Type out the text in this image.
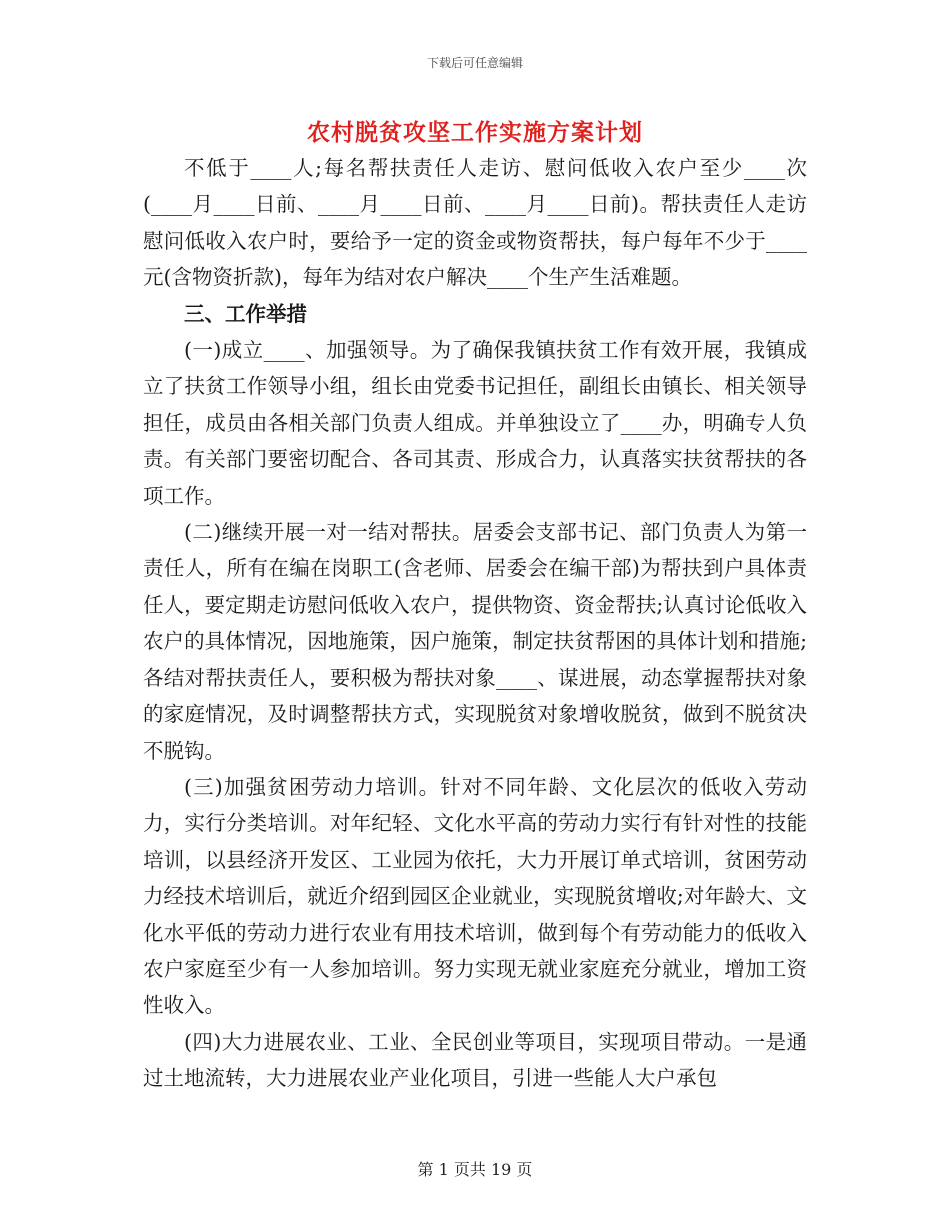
下载后可任意编辑
农村脱贫攻坚工作实施方案计划

不低于____人;每名帮扶责任人走访、慰问低收入农户至少____次(____月____日前、____月____日前、____月____日前)。帮扶责任人走访慰问低收入农户时，要给予一定的资金或物资帮扶，每户每年不少于____元(含物资折款)，每年为结对农户解决____个生产生活难题。

三、工作举措

(一)成立____、加强领导。为了确保我镇扶贫工作有效开展，我镇成立了扶贫工作领导小组，组长由党委书记担任，副组长由镇长、相关领导担任，成员由各相关部门负责人组成。并单独设立了____办，明确专人负责。有关部门要密切配合、各司其责、形成合力，认真落实扶贫帮扶的各项工作。

(二)继续开展一对一结对帮扶。居委会支部书记、部门负责人为第一责任人，所有在编在岗职工(含老师、居委会在编干部)为帮扶到户具体责任人，要定期走访慰问低收入农户，提供物资、资金帮扶;认真讨论低收入农户的具体情况，因地施策，因户施策，制定扶贫帮困的具体计划和措施;各结对帮扶责任人，要积极为帮扶对象____、谋进展，动态掌握帮扶对象的家庭情况，及时调整帮扶方式，实现脱贫对象增收脱贫，做到不脱贫决不脱钩。

(三)加强贫困劳动力培训。针对不同年龄、文化层次的低收入劳动力，实行分类培训。对年纪轻、文化水平高的劳动力实行有针对性的技能培训，以县经济开发区、工业园为依托，大力开展订单式培训，贫困劳动力经技术培训后，就近介绍到园区企业就业，实现脱贫增收;对年龄大、文化水平低的劳动力进行农业有用技术培训，做到每个有劳动能力的低收入农户家庭至少有一人参加培训。努力实现无就业家庭充分就业，增加工资性收入。

(四)大力进展农业、工业、全民创业等项目，实现项目带动。一是通过土地流转，大力进展农业产业化项目，引进一些能人大户承包

第 1 页共 19 页
